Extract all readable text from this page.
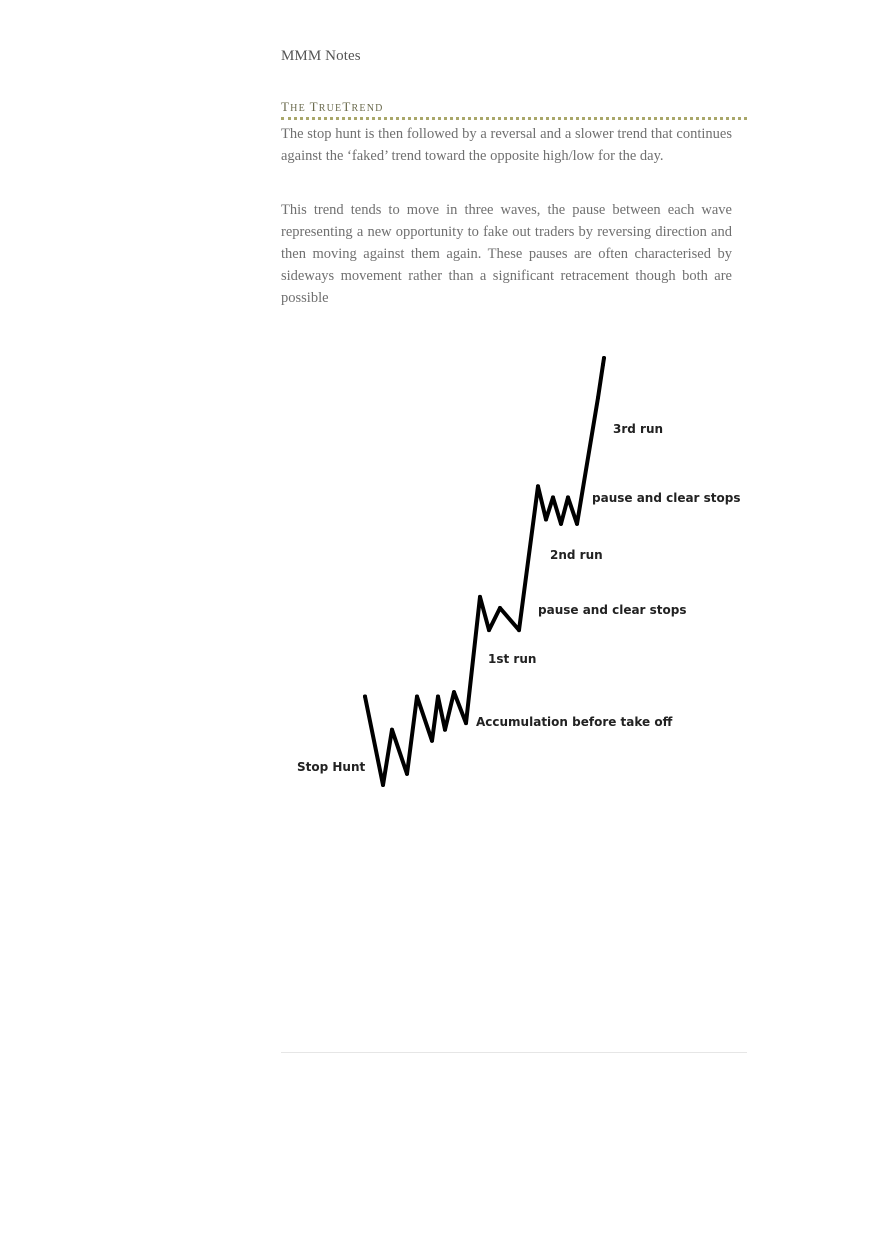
MMM Notes
THE TRUETREND

The stop hunt is then followed by a reversal and a slower trend that continues against the ‘faked’ trend toward the opposite high/low for the day.

This trend tends to move in three waves, the pause between each wave representing a new opportunity to fake out traders by reversing direction and then moving against them again. These pauses are often characterised by sideways movement rather than a significant retracement though both are possible

3rd run
pause and clear stops
2nd run
pause and clear stops
1st run
Accumulation before take off
Stop Hunt
